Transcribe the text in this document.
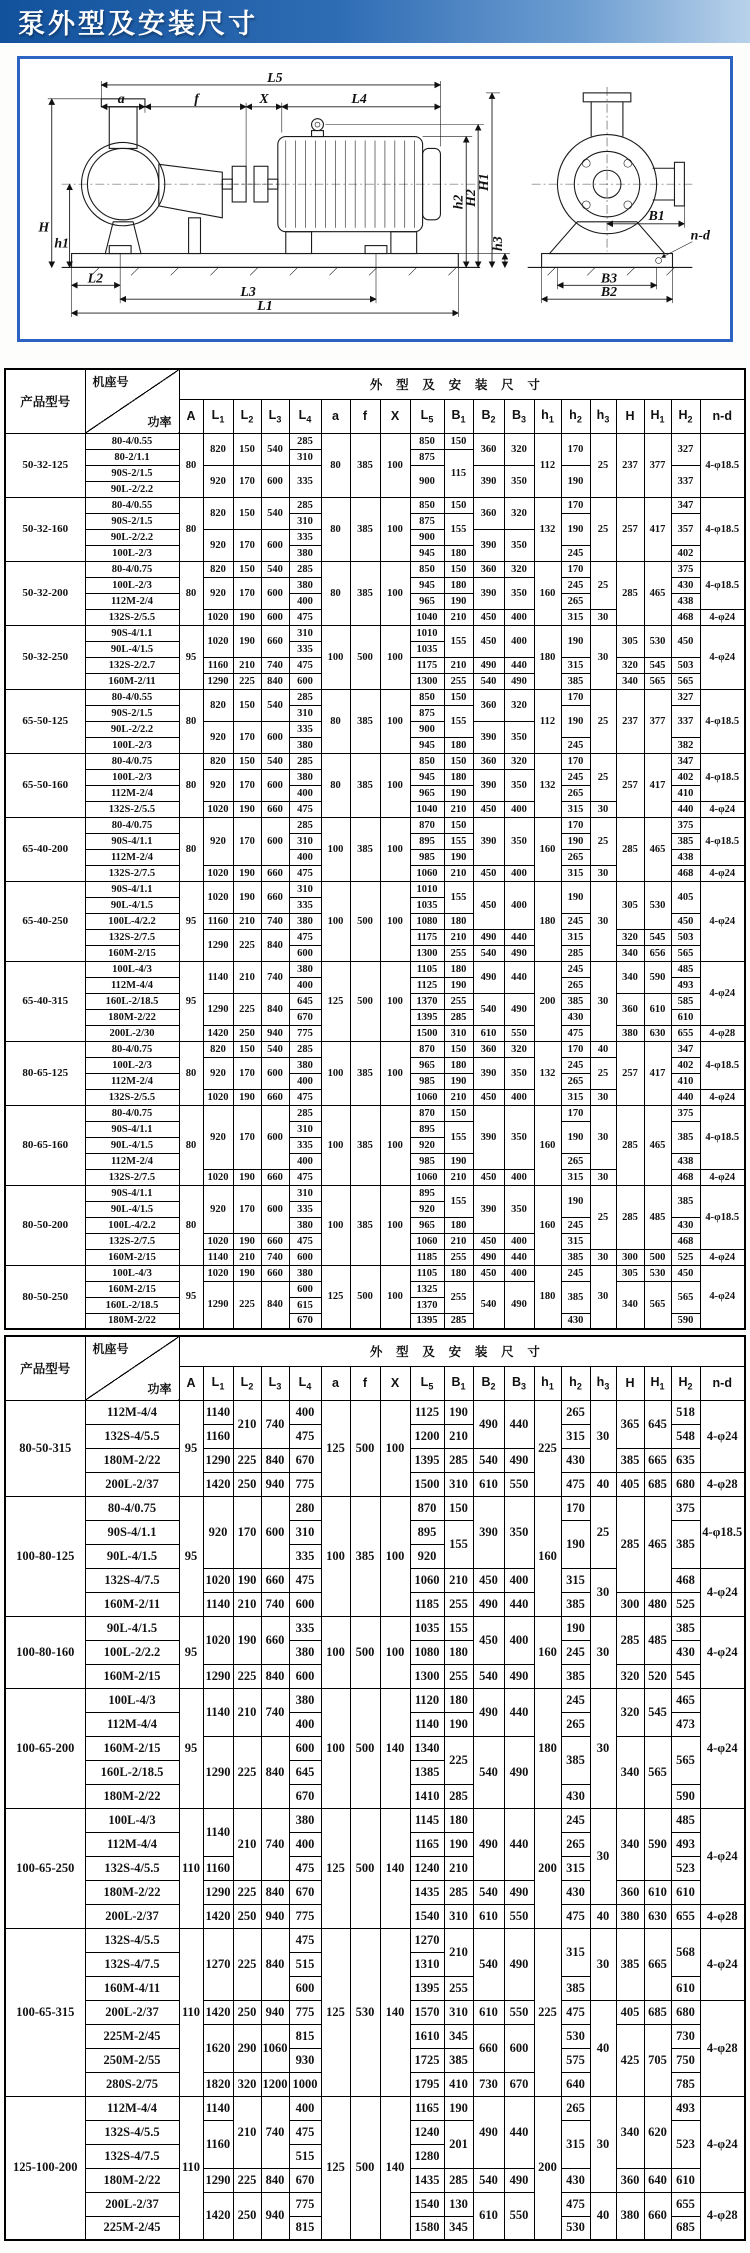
泵外型及安装尺寸
L5
a	f	X	L4
H
h1
h2
H2
H1
h3
L2
L3
L1
B1
n-d
B3
B2
产品型号	机座号
功率	外型及安装尺寸																		
		A	$L_1$	$L_2$	$L_3$	$L_4$	a	f	X	$L_5$	$B_1$	$B_2$	$B_3$	$h_1$	$h_2$	$h_3$	H	$H_1$	$H_2$	n-d
50-32-125	80-4/0.55	80	820	150	540	285	80	385	100	850	150	360	320	112	170	25	237	377	327	4-φ18.5
	80-2/1.1					310				875	115									
	90S-2/1.5		920	170	600	335				900		390	350		190				337	
	90L-2/2.2																			
50-32-160	80-4/0.55	80	820	150	540	285	80	385	100	850	150	360	320	132	170	25	257	417	347	4-φ18.5
	90S-2/1.5					310				875	155				190				357	
	90L-2/2.2		920	170	600	335				900		390	350							
	100L-2/3					380				945	180				245				402	
50-32-200	80-4/0.75	80	820	150	540	285	80	385	100	850	150	360	320	160	170	25	285	465	375	4-φ18.5
	100L-2/3		920	170	600	380				945	180	390	350		245				430	
	112M-2/4					400				965	190				265				438	
	132S-2/5.5		1020	190	600	475				1040	210	450	400		315	30			468	4-φ24
50-32-250	90S-4/1.1	95	1020	190	660	310	100	500	100	1010	155	450	400	180	190	30	305	530	450	4-φ24
	90L-4/1.5					335				1035										
	132S-2/2.7		1160	210	740	475				1175	210	490	440		315		320	545	503	
	160M-2/11		1290	225	840	600				1300	255	540	490		385		340	565	565	
65-50-125	80-4/0.55	80	820	150	540	285	80	385	100	850	150	360	320	112	170	25	237	377	327	4-φ18.5
	90S-2/1.5					310				875	155				190				337	
	90L-2/2.2		920	170	600	335				900		390	350							
	100L-2/3					380				945	180				245				382	
65-50-160	80-4/0.75	80	820	150	540	285	80	385	100	850	150	360	320	132	170	25	257	417	347	4-φ18.5
	100L-2/3		920	170	600	380				945	180	390	350		245				402	
	112M-2/4					400				965	190				265				410	
	132S-2/5.5		1020	190	660	475				1040	210	450	400		315	30			440	4-φ24
65-40-200	80-4/0.75	80	920	170	600	285	100	385	100	870	150	390	350	160	170	25	285	465	375	4-φ18.5
	90S-4/1.1					310				895	155				190				385	
	112M-2/4					400				985	190				265				438	
	132S-2/7.5		1020	190	660	475				1060	210	450	400		315	30			468	4-φ24
65-40-250	90S-4/1.1	95	1020	190	660	310	100	500	100	1010	155	450	400	180	190	30	305	530	405	4-φ24
	90L-4/1.5					335				1035										
	100L-4/2.2		1160	210	740	380				1080	180				245				450	
	132S-2/7.5		1290	225	840	475				1175	210	490	440		315		320	545	503	
	160M-2/15					600				1300	255	540	490		285		340	656	565	
65-40-315	100L-4/3	95	1140	210	740	380	125	500	100	1105	180	490	440	200	245	30	340	590	485	4-φ24
	112M-4/4					400				1125	190				265				493	
	160L-2/18.5		1290	225	840	645				1370	255	540	490		385		360	610	585	
	180M-2/22					670				1395	285				430				610	
	200L-2/30		1420	250	940	775				1500	310	610	550		475		380	630	655	4-φ28
80-65-125	80-4/0.75	80	820	150	540	285	100	385	100	870	150	360	320	132	170	40	257	417	347	4-φ18.5
	100L-2/3		920	170	600	380				965	180	390	350		245	25			402	
	112M-2/4					400				985	190				265				410	
	132S-2/5.5		1020	190	660	475				1060	210	450	400		315	30			440	4-φ24
80-65-160	80-4/0.75	80	920	170	600	285	100	385	100	870	150	390	350	160	170	30	285	465	375	4-φ18.5
	90S-4/1.1					310				895	155				190				385	
	90L-4/1.5					335				920										
	112M-2/4					400				985	190				265				438	
	132S-2/7.5		1020	190	660	475				1060	210	450	400		315	30			468	4-φ24
80-50-200	90S-4/1.1	80	920	170	600	310	100	385	100	895	155	390	350	160	190	25	285	485	385	4-φ18.5
	90L-4/1.5					335				920										
	100L-4/2.2					380				965	180				245				430	
	132S-2/7.5		1020	190	660	475				1060	210	450	400		315				468	
	160M-2/15		1140	210	740	600				1185	255	490	440		385	30	300	500	525	4-φ24
80-50-250	100L-4/3	95	1020	190	660	380	125	500	100	1105	180	450	400	180	245	30	305	530	450	4-φ24
	160M-2/15		1290	225	840	600				1325	255	540	490		385		340	565	565	
	160L-2/18.5					615				1370										
	180M-2/22					670				1395	285				430				590	
产品型号	机座号
功率	外型及安装尺寸																		
		A	$L_1$	$L_2$	$L_3$	$L_4$	a	f	X	$L_5$	$B_1$	$B_2$	$B_3$	$h_1$	$h_2$	$h_3$	H	$H_1$	$H_2$	n-d
80-50-315	112M-4/4	95	1140	210	740	400	125	500	100	1125	190	490	440	225	265	30	365	645	518	4-φ24
	132S-4/5.5		1160			475				1200	210				315				548	
	180M-2/22		1290	225	840	670				1395	285	540	490		430		385	665	635	
	200L-2/37		1420	250	940	775				1500	310	610	550		475	40	405	685	680	4-φ28
100-80-125	80-4/0.75	95	920	170	600	280	100	385	100	870	150	390	350	160	170	25	285	465	375	4-φ18.5
	90S-4/1.1					310				895	155				190				385	
	90L-4/1.5					335				920										
	132S-4/7.5		1020	190	660	475				1060	210	450	400		315	30			468	4-φ24
	160M-2/11		1140	210	740	600				1185	255	490	440		385		300	480	525	
100-80-160	90L-4/1.5	95	1020	190	660	335	100	500	100	1035	155	450	400	160	190	30	285	485	385	4-φ24
	100L-2/2.2					380				1080	180				245				430	
	160M-2/15		1290	225	840	600				1300	255	540	490		385		320	520	545	
100-65-200	100L-4/3	95	1140	210	740	380	100	500	140	1120	180	490	440	180	245	30	320	545	465	4-φ24
	112M-4/4					400				1140	190				265				473	
	160M-2/15		1290	225	840	600				1340	225	540	490		385		340	565	565	
	160L-2/18.5					645				1385										
	180M-2/22					670				1410	285				430				590	
100-65-250	100L-4/3	110	1140	210	740	380	125	500	140	1145	180	490	440	200	245	30	340	590	485	4-φ24
	112M-4/4					400				1165	190				265				493	
	132S-4/5.5		1160			475				1240	210				315				523	
	180M-2/22		1290	225	840	670				1435	285	540	490		430		360	610	610	
	200L-2/37		1420	250	940	775				1540	310	610	550		475	40	380	630	655	4-φ28
100-65-315	132S-4/5.5	110	1270	225	840	475	125	530	140	1270	210	540	490	225	315	30	385	665	568	4-φ24
	132S-4/7.5					515				1310										
	160M-4/11					600				1395	255				385				610	
	200L-2/37		1420	250	940	775				1570	310	610	550		475	40	405	685	680	4-φ28
	225M-2/45		1620	290	1060	815				1610	345	660	600		530		425	705	730	
	250M-2/55					930				1725	385				575				750	
	280S-2/75		1820	320	1200	1000				1795	410	730	670		640				785	
125-100-200	112M-4/4	110	1140	210	740	400	125	500	140	1165	190	490	440	200	265	30	340	620	493	4-φ24
	132S-4/5.5		1160			475				1240	201				315				523	
	132S-4/7.5					515				1280										
	180M-2/22		1290	225	840	670				1435	285	540	490		430		360	640	610	
	200L-2/37		1420	250	940	775				1540	130	610	550		475	40	380	660	655	4-φ28
	225M-2/45					815				1580	345				530				685	
